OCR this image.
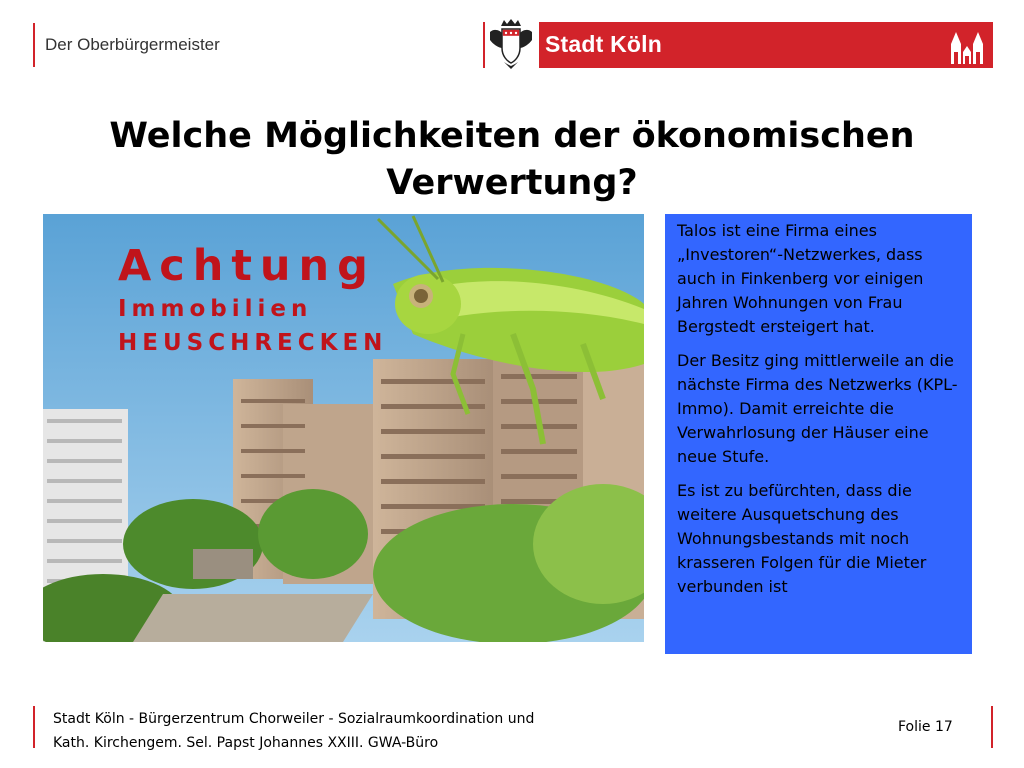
Der Oberbürgermeister	Stadt Köln
Welche Möglichkeiten der ökonomischen
Verwertung?
Achtung
Immobilien
HEUSCHRECKEN

Talos ist eine Firma eines „Investoren“-Netzwerkes, dass auch in Finkenberg vor einigen Jahren Wohnungen von Frau Bergstedt ersteigert hat.

Der Besitz ging mittlerweile an die nächste Firma des Netzwerks (KPL-Immo). Damit erreichte die Verwahrlosung der Häuser eine neue Stufe.

Es ist zu befürchten, dass die weitere Ausquetschung des Wohnungsbestands mit noch krasseren Folgen für die Mieter verbunden ist

Stadt Köln - Bürgerzentrum Chorweiler - Sozialraumkoordination und
Kath. Kirchengem. Sel. Papst Johannes XXIII. GWA-Büro
Folie 17
